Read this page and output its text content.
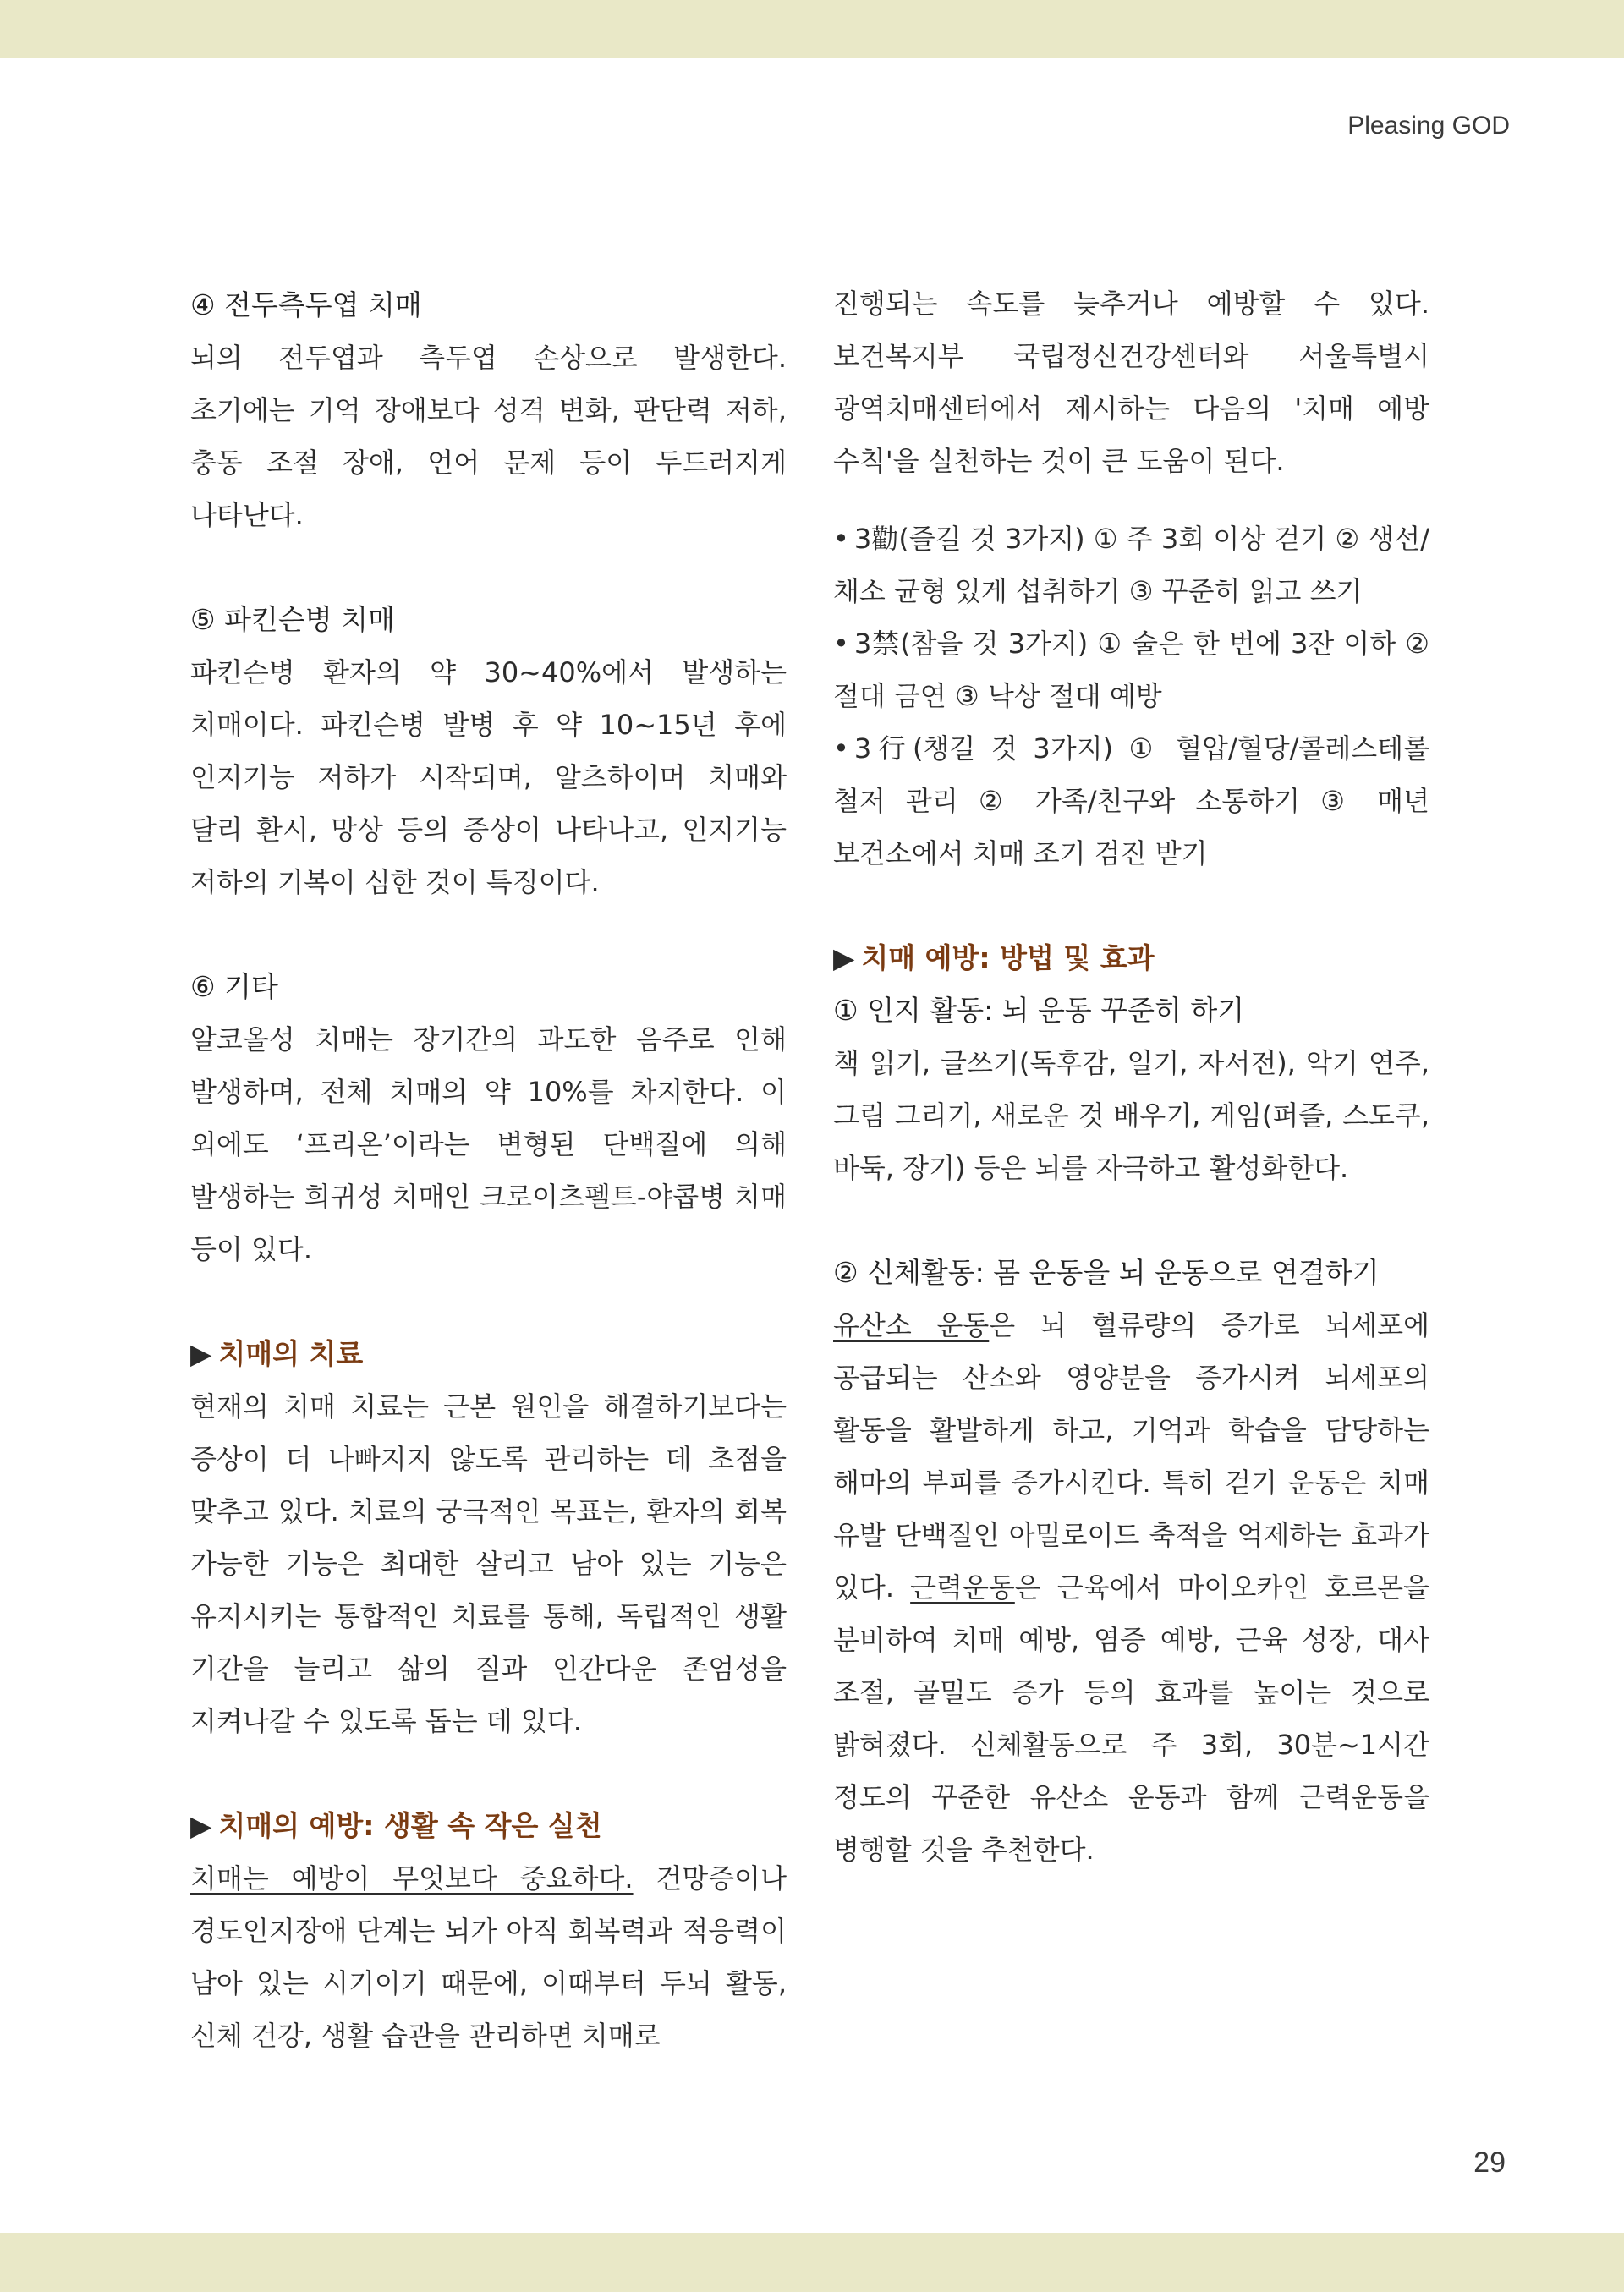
Pleasing GOD
④ 전두측두엽 치매

뇌의 전두엽과 측두엽 손상으로 발생한다. 초기에는 기억 장애보다 성격 변화, 판단력 저하, 충동 조절 장애, 언어 문제 등이 두드러지게 나타난다.

⑤ 파킨슨병 치매

파킨슨병 환자의 약 30~40%에서 발생하는 치매이다. 파킨슨병 발병 후 약 10~15년 후에 인지기능 저하가 시작되며, 알츠하이머 치매와 달리 환시, 망상 등의 증상이 나타나고, 인지기능 저하의 기복이 심한 것이 특징이다.

⑥ 기타

알코올성 치매는 장기간의 과도한 음주로 인해 발생하며, 전체 치매의 약 10%를 차지한다. 이 외에도 ‘프리온’이라는 변형된 단백질에 의해 발생하는 희귀성 치매인 크로이츠펠트-야콥병 치매 등이 있다.

▶ 치매의 치료

현재의 치매 치료는 근본 원인을 해결하기보다는 증상이 더 나빠지지 않도록 관리하는 데 초점을 맞추고 있다. 치료의 궁극적인 목표는, 환자의 회복 가능한 기능은 최대한 살리고 남아 있는 기능은 유지시키는 통합적인 치료를 통해, 독립적인 생활 기간을 늘리고 삶의 질과 인간다운 존엄성을 지켜나갈 수 있도록 돕는 데 있다.

▶ 치매의 예방: 생활 속 작은 실천

치매는 예방이 무엇보다 중요하다. 건망증이나 경도인지장애 단계는 뇌가 아직 회복력과 적응력이 남아 있는 시기이기 때문에, 이때부터 두뇌 활동, 신체 건강, 생활 습관을 관리하면 치매로

진행되는 속도를 늦추거나 예방할 수 있다. 보건복지부 국립정신건강센터와 서울특별시 광역치매센터에서 제시하는 다음의 '치매 예방 수칙'을 실천하는 것이 큰 도움이 된다.

• 3勸(즐길 것 3가지) ① 주 3회 이상 걷기 ② 생선/채소 균형 있게 섭취하기 ③ 꾸준히 읽고 쓰기

• 3禁(참을 것 3가지) ① 술은 한 번에 3잔 이하 ② 절대 금연 ③ 낙상 절대 예방

• 3行(챙길 것 3가지) ① 혈압/혈당/콜레스테롤 철저 관리 ② 가족/친구와 소통하기 ③ 매년 보건소에서 치매 조기 검진 받기

▶ 치매 예방: 방법 및 효과
① 인지 활동: 뇌 운동 꾸준히 하기

책 읽기, 글쓰기(독후감, 일기, 자서전), 악기 연주, 그림 그리기, 새로운 것 배우기, 게임(퍼즐, 스도쿠, 바둑, 장기) 등은 뇌를 자극하고 활성화한다.

② 신체활동: 몸 운동을 뇌 운동으로 연결하기

유산소 운동은 뇌 혈류량의 증가로 뇌세포에 공급되는 산소와 영양분을 증가시켜 뇌세포의 활동을 활발하게 하고, 기억과 학습을 담당하는 해마의 부피를 증가시킨다. 특히 걷기 운동은 치매 유발 단백질인 아밀로이드 축적을 억제하는 효과가 있다. 근력운동은 근육에서 마이오카인 호르몬을 분비하여 치매 예방, 염증 예방, 근육 성장, 대사 조절, 골밀도 증가 등의 효과를 높이는 것으로 밝혀졌다. 신체활동으로 주 3회, 30분~1시간 정도의 꾸준한 유산소 운동과 함께 근력운동을 병행할 것을 추천한다.

29
